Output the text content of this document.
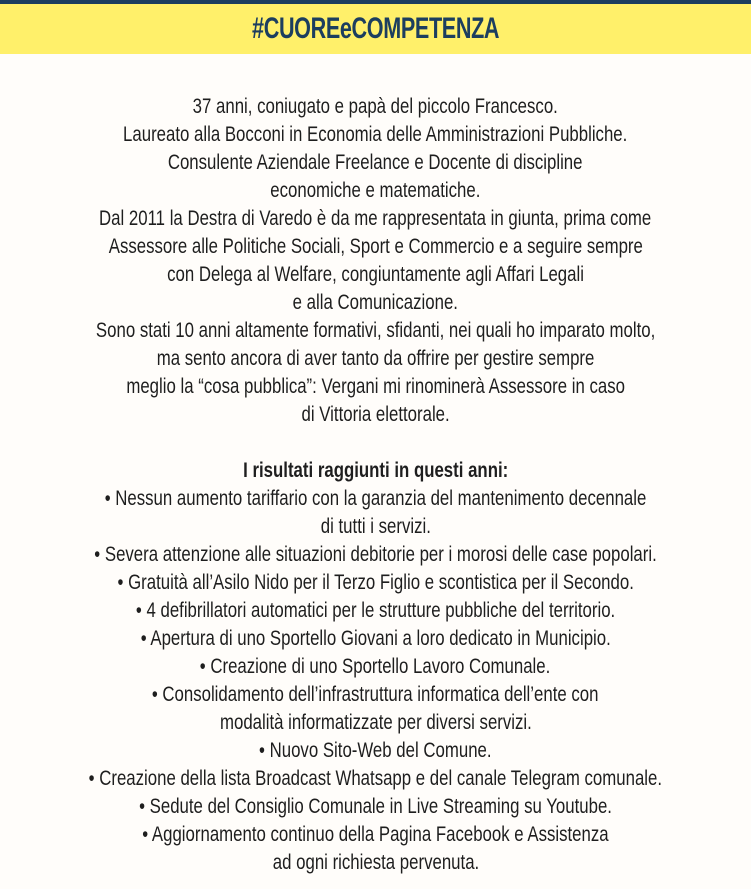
#CUOREeCOMPETENZA
37 anni, coniugato e papà del piccolo Francesco.
Laureato alla Bocconi in Economia delle Amministrazioni Pubbliche.
Consulente Aziendale Freelance e Docente di discipline
economiche e matematiche.
Dal 2011 la Destra di Varedo è da me rappresentata in giunta, prima come
Assessore alle Politiche Sociali, Sport e Commercio e a seguire sempre
con Delega al Welfare, congiuntamente agli Affari Legali
e alla Comunicazione.
Sono stati 10 anni altamente formativi, sfidanti, nei quali ho imparato molto,
ma sento ancora di aver tanto da offrire per gestire sempre
meglio la “cosa pubblica”: Vergani mi rinominerà Assessore in caso
di Vittoria elettorale.
I risultati raggiunti in questi anni:
• Nessun aumento tariffario con la garanzia del mantenimento decennale
di tutti i servizi.
• Severa attenzione alle situazioni debitorie per i morosi delle case popolari.
• Gratuità all’Asilo Nido per il Terzo Figlio e scontistica per il Secondo.
• 4 defibrillatori automatici per le strutture pubbliche del territorio.
• Apertura di uno Sportello Giovani a loro dedicato in Municipio.
• Creazione di uno Sportello Lavoro Comunale.
• Consolidamento dell’infrastruttura informatica dell’ente con
modalità informatizzate per diversi servizi.
• Nuovo Sito-Web del Comune.
• Creazione della lista Broadcast Whatsapp e del canale Telegram comunale.
• Sedute del Consiglio Comunale in Live Streaming su Youtube.
• Aggiornamento continuo della Pagina Facebook e Assistenza
ad ogni richiesta pervenuta.
